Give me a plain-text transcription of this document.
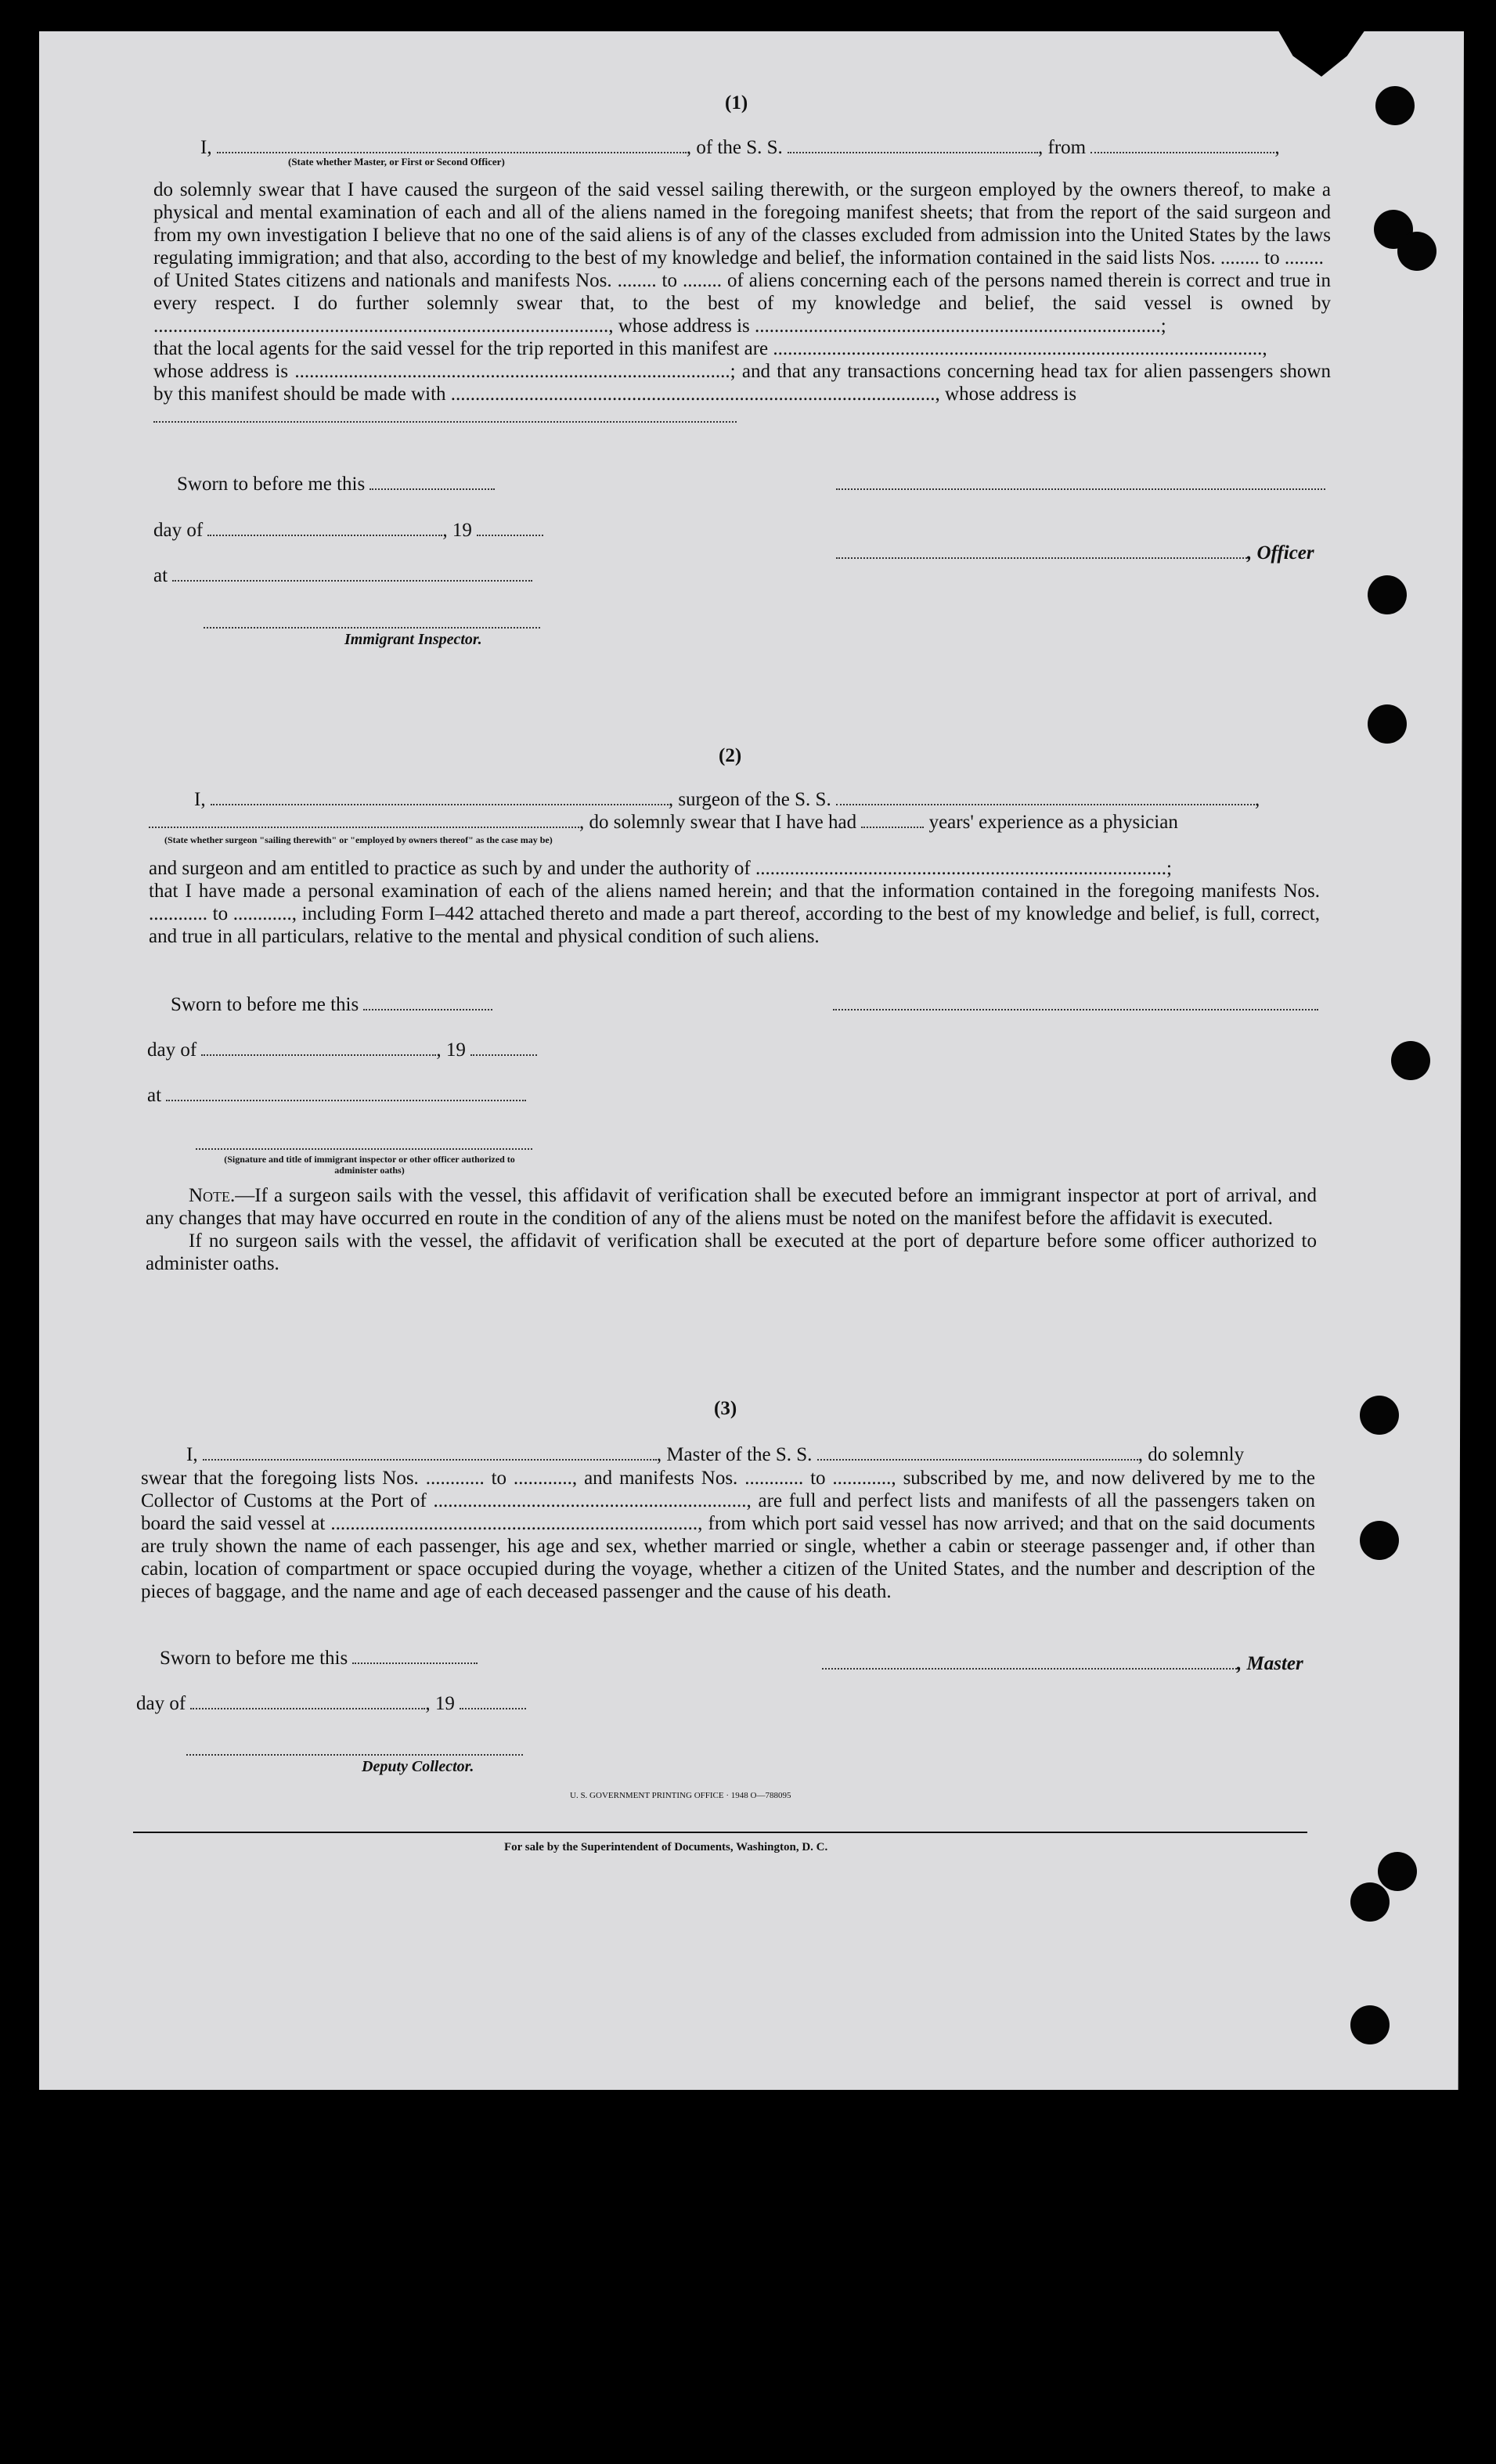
(1)
I,	, of the S. S.	, from	,
(State whether Master, or First or Second Officer)

do solemnly swear that I have caused the surgeon of the said vessel sailing therewith, or the surgeon employed by the owners thereof, to make a physical and mental examination of each and all of the aliens named in the foregoing manifest sheets; that from the report of the said surgeon and from my own investigation I believe that no one of the said aliens is of any of the classes excluded from admission into the United States by the laws regulating immigration; and that also, according to the best of my knowledge and belief, the information contained in the said lists Nos. ........ to ........

of United States citizens and nationals and manifests Nos. ........ to ........ of aliens concerning each of the persons named therein is correct and true in every respect. I do further solemnly swear that, to the best of my knowledge and belief, the said vessel is owned by ............................................................................................., whose address is ...................................................................................;

that the local agents for the said vessel for the trip reported in this manifest are ....................................................................................................,

whose address is .........................................................................................; and that any transactions concerning head tax for alien passengers shown by this manifest should be made with ..................................................................................................., whose address is

Sworn to before me this
day of	, 19
, Officer
at
Immigrant Inspector.
(2)
I,	, surgeon of the S. S.	,
, do solemnly swear that I have had	years' experience as a physician
(State whether surgeon "sailing therewith" or "employed by owners thereof" as the case may be)

and surgeon and am entitled to practice as such by and under the authority of ....................................................................................;

that I have made a personal examination of each of the aliens named herein; and that the information contained in the foregoing manifests Nos. ............ to ............, including Form I–442 attached thereto and made a part thereof, according to the best of my knowledge and belief, is full, correct, and true in all particulars, relative to the mental and physical condition of such aliens.

Sworn to before me this
day of	, 19
at
(Signature and title of immigrant inspector or other officer authorized to administer oaths)

Note.—If a surgeon sails with the vessel, this affidavit of verification shall be executed before an immigrant inspector at port of arrival, and any changes that may have occurred en route in the condition of any of the aliens must be noted on the manifest before the affidavit is executed.

If no surgeon sails with the vessel, the affidavit of verification shall be executed at the port of departure before some officer authorized to administer oaths.

(3)
I,	, Master of the S. S.	, do solemnly

swear that the foregoing lists Nos. ............ to ............, and manifests Nos. ............ to ............, subscribed by me, and now delivered by me to the Collector of Customs at the Port of ................................................................, are full and perfect lists and manifests of all the passengers taken on board the said vessel at ..........................................................................., from which port said vessel has now arrived; and that on the said documents are truly shown the name of each passenger, his age and sex, whether married or single, whether a cabin or steerage passenger and, if other than cabin, location of compartment or space occupied during the voyage, whether a citizen of the United States, and the number and description of the pieces of baggage, and the name and age of each deceased passenger and the cause of his death.

Sworn to before me this	, Master
day of	, 19
Deputy Collector.
U. S. GOVERNMENT PRINTING OFFICE · 1948 O—788095
For sale by the Superintendent of Documents, Washington, D. C.
